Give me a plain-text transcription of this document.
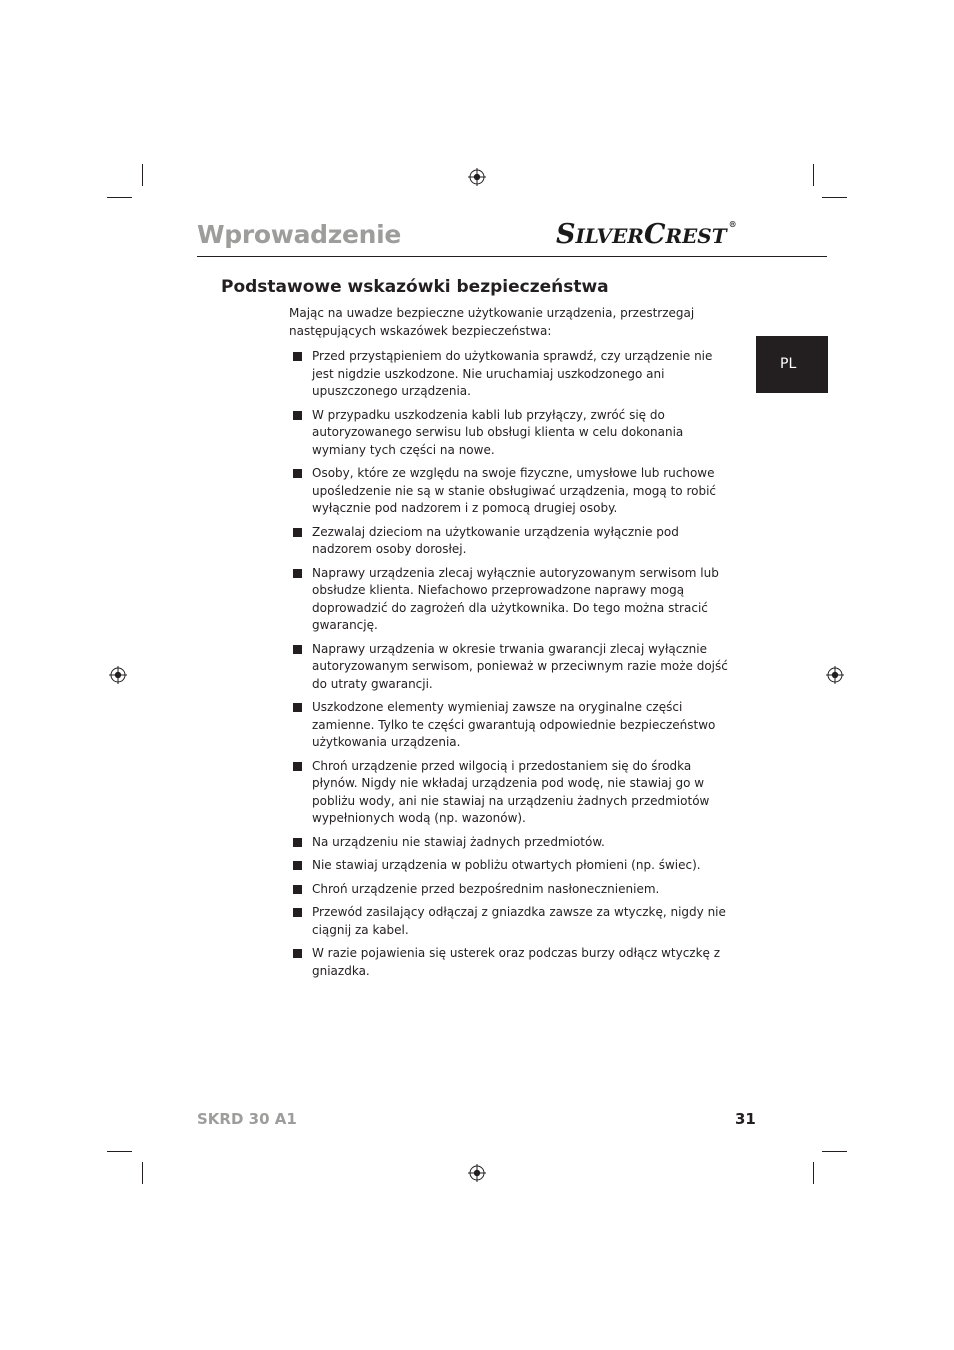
Wprowadzenie	SILVERCREST ®
PL
Podstawowe wskazówki bezpieczeństwa

Mając na uwadze bezpieczne użytkowanie urządzenia, przestrzegaj następujących wskazówek bezpieczeństwa:

Przed przystąpieniem do użytkowania sprawdź, czy urządzenie nie jest nigdzie uszkodzone. Nie uruchamiaj uszkodzonego ani upuszczonego urządzenia.
W przypadku uszkodzenia kabli lub przyłączy, zwróć się do autoryzowanego serwisu lub obsługi klienta w celu dokonania wymiany tych części na nowe.
Osoby, które ze względu na swoje fizyczne, umysłowe lub ruchowe upośledzenie nie są w stanie obsługiwać urządzenia, mogą to robić wyłącznie pod nadzorem i z pomocą drugiej osoby.
Zezwalaj dzieciom na użytkowanie urządzenia wyłącznie pod nadzorem osoby dorosłej.
Naprawy urządzenia zlecaj wyłącznie autoryzowanym serwisom lub obsłudze klienta. Niefachowo przeprowadzone naprawy mogą doprowadzić do zagrożeń dla użytkownika. Do tego można stracić gwarancję.
Naprawy urządzenia w okresie trwania gwarancji zlecaj wyłącznie autoryzowanym serwisom, ponieważ w przeciwnym razie może dojść do utraty gwarancji.
Uszkodzone elementy wymieniaj zawsze na oryginalne części zamienne. Tylko te części gwarantują odpowiednie bezpieczeństwo użytkowania urządzenia.
Chroń urządzenie przed wilgocią i przedostaniem się do środka płynów. Nigdy nie wkładaj urządzenia pod wodę, nie stawiaj go w pobliżu wody, ani nie stawiaj na urządzeniu żadnych przedmiotów wypełnionych wodą (np. wazonów).
Na urządzeniu nie stawiaj żadnych przedmiotów.
Nie stawiaj urządzenia w pobliżu otwartych płomieni (np. świec).
Chroń urządzenie przed bezpośrednim nasłonecznieniem.
Przewód zasilający odłączaj z gniazdka zawsze za wtyczkę, nigdy nie ciągnij za kabel.
W razie pojawienia się usterek oraz podczas burzy odłącz wtyczkę z gniazdka.
SKRD 30 A1	31
